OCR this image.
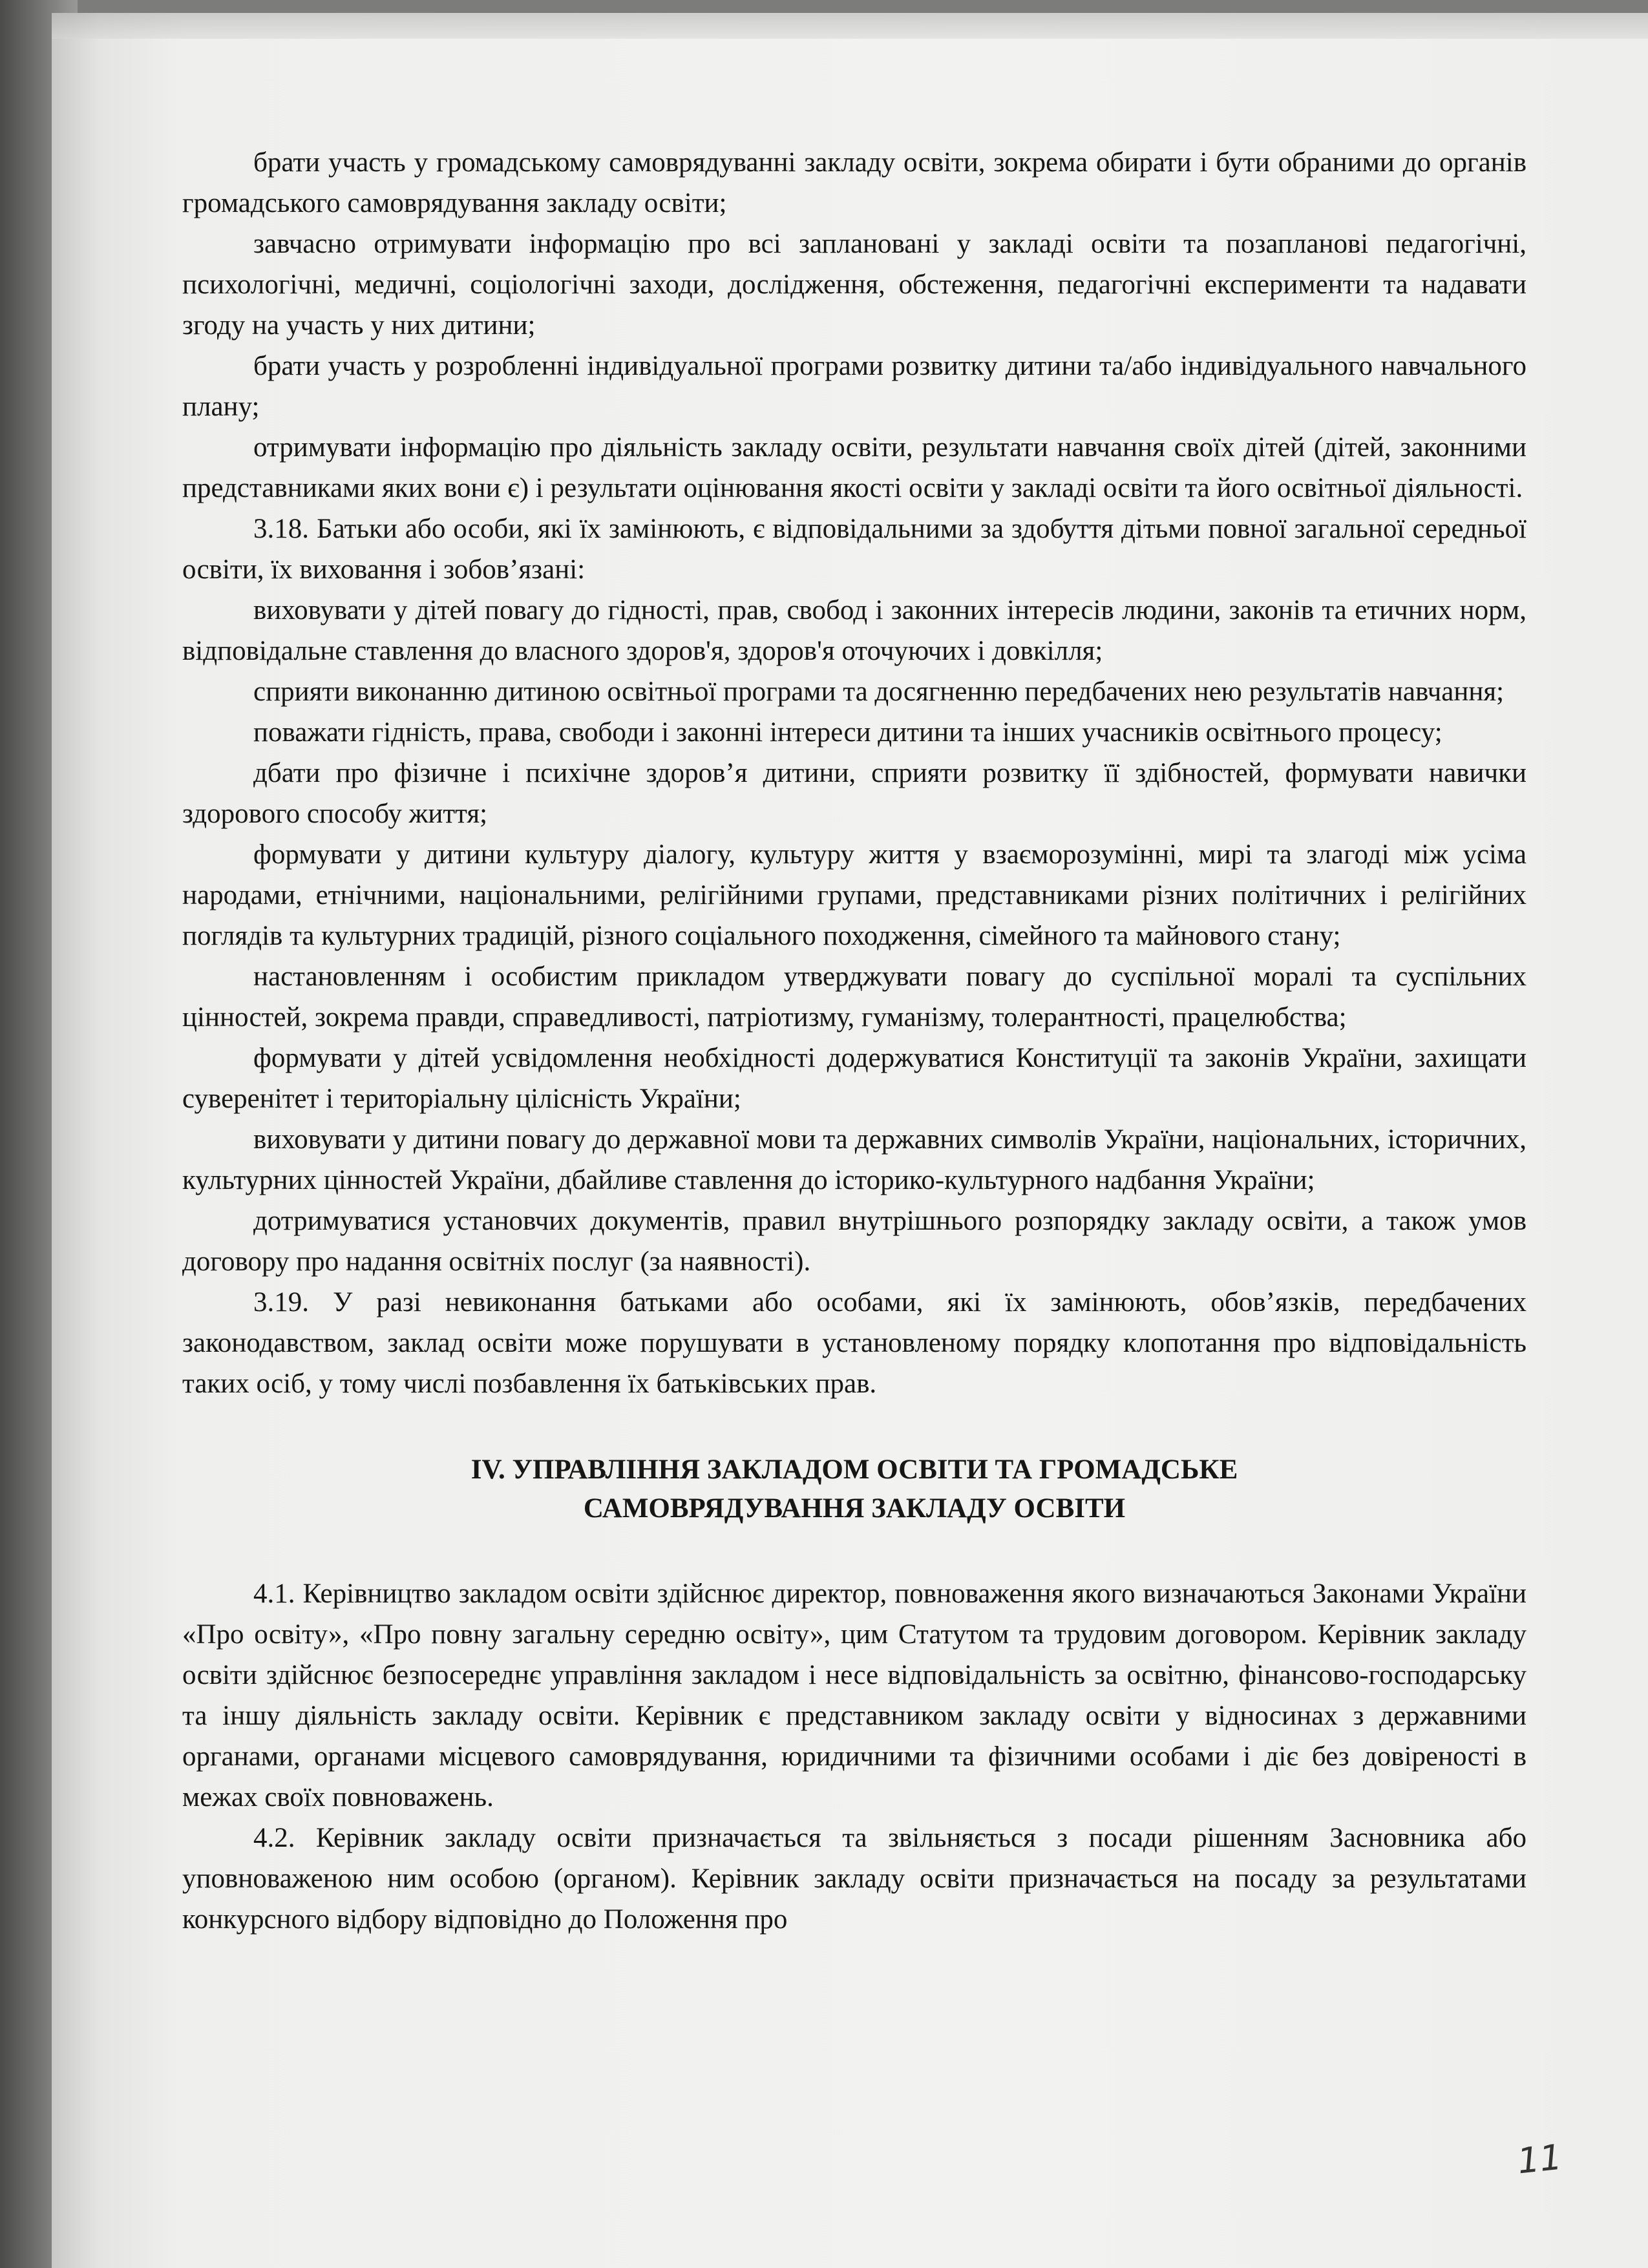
брати участь у громадському самоврядуванні закладу освіти, зокрема обирати і бути обраними до органів громадського самоврядування закладу освіти;

завчасно отримувати інформацію про всі заплановані у закладі освіти та позапланові педагогічні, психологічні, медичні, соціологічні заходи, дослідження, обстеження, педагогічні експерименти та надавати згоду на участь у них дитини;

брати участь у розробленні індивідуальної програми розвитку дитини та/або індивідуального навчального плану;

отримувати інформацію про діяльність закладу освіти, результати навчання своїх дітей (дітей, законними представниками яких вони є) і результати оцінювання якості освіти у закладі освіти та його освітньої діяльності.

3.18. Батьки або особи, які їх замінюють, є відповідальними за здобуття дітьми повної загальної середньої освіти, їх виховання і зобов’язані:

виховувати у дітей повагу до гідності, прав, свобод і законних інтересів людини, законів та етичних норм, відповідальне ставлення до власного здоров'я, здоров'я оточуючих і довкілля;

сприяти виконанню дитиною освітньої програми та досягненню передбачених нею результатів навчання;

поважати гідність, права, свободи і законні інтереси дитини та інших учасників освітнього процесу;

дбати про фізичне і психічне здоров’я дитини, сприяти розвитку її здібностей, формувати навички здорового способу життя;

формувати у дитини культуру діалогу, культуру життя у взаєморозумінні, мирі та злагоді між усіма народами, етнічними, національними, релігійними групами, представниками різних політичних і релігійних поглядів та культурних традицій, різного соціального походження, сімейного та майнового стану;

настановленням і особистим прикладом утверджувати повагу до суспільної моралі та суспільних цінностей, зокрема правди, справедливості, патріотизму, гуманізму, толерантності, працелюбства;

формувати у дітей усвідомлення необхідності додержуватися Конституції та законів України, захищати суверенітет і територіальну цілісність України;

виховувати у дитини повагу до державної мови та державних символів України, національних, історичних, культурних цінностей України, дбайливе ставлення до історико-культурного надбання України;

дотримуватися установчих документів, правил внутрішнього розпорядку закладу освіти, а також умов договору про надання освітніх послуг (за наявності).

3.19. У разі невиконання батьками або особами, які їх замінюють, обов’язків, передбачених законодавством, заклад освіти може порушувати в установленому порядку клопотання про відповідальність таких осіб, у тому числі позбавлення їх батьківських прав.

IV. УПРАВЛІННЯ ЗАКЛАДОМ ОСВІТИ ТА ГРОМАДСЬКЕ
САМОВРЯДУВАННЯ ЗАКЛАДУ ОСВІТИ

4.1. Керівництво закладом освіти здійснює директор, повноваження якого визначаються Законами України «Про освіту», «Про повну загальну середню освіту», цим Статутом та трудовим договором. Керівник закладу освіти здійснює безпосереднє управління закладом і несе відповідальність за освітню, фінансово-господарську та іншу діяльність закладу освіти. Керівник є представником закладу освіти у відносинах з державними органами, органами місцевого самоврядування, юридичними та фізичними особами і діє без довіреності в межах своїх повноважень.

4.2. Керівник закладу освіти призначається та звільняється з посади рішенням Засновника або уповноваженою ним особою (органом). Керівник закладу освіти призначається на посаду за результатами конкурсного відбору відповідно до Положення про

11
